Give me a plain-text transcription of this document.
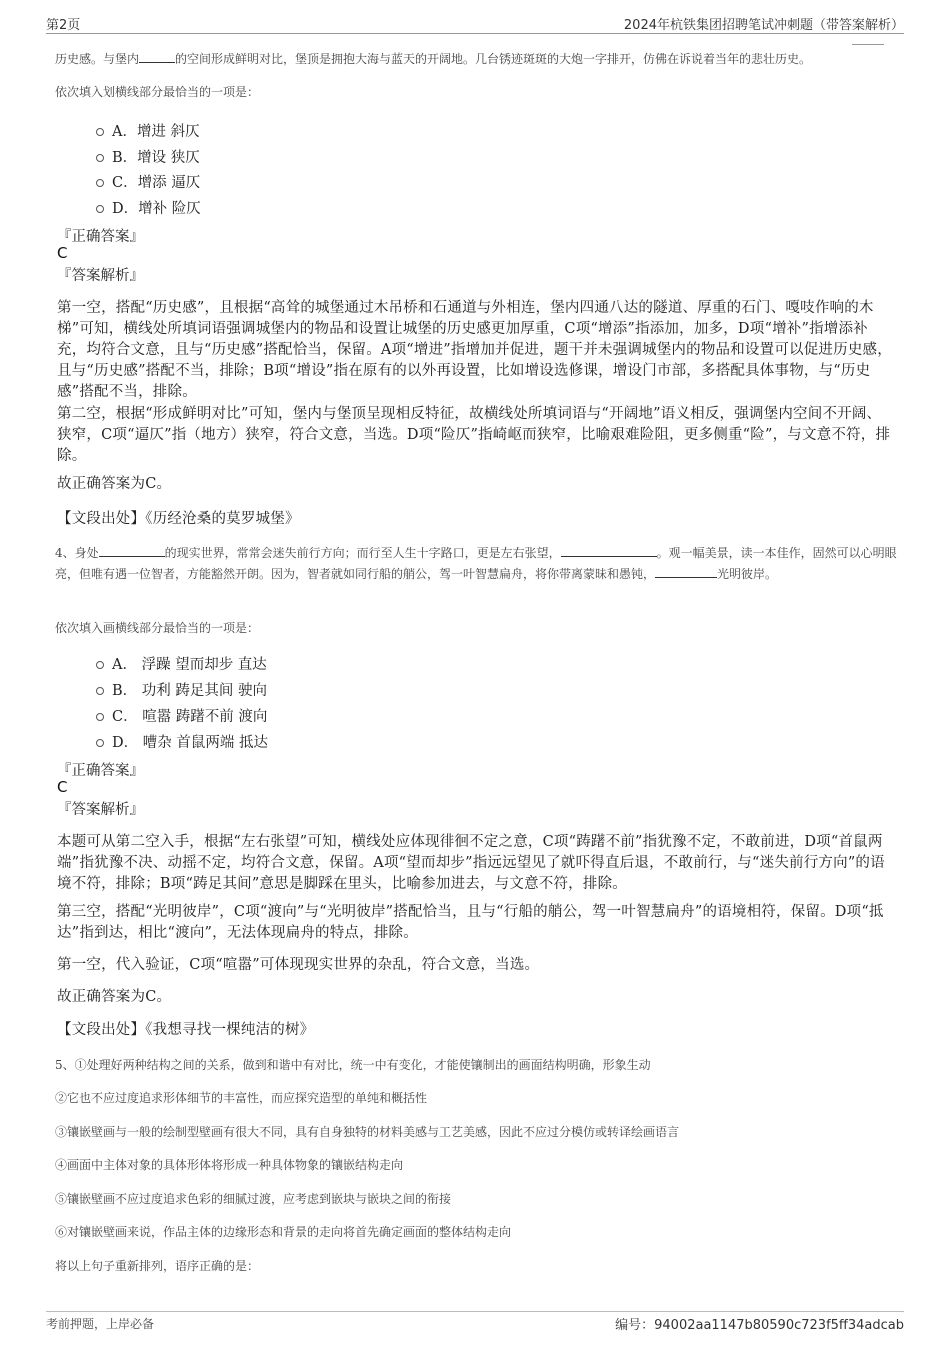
第2页	2024年杭铁集团招聘笔试冲刺题（带答案解析）
历史感。与堡内	的空间形成鲜明对比，堡顶是拥抱大海与蓝天的开阔地。几台锈迹斑斑的大炮一字排开，仿佛在诉说着当年的悲壮历史。
依次填入划横线部分最恰当的一项是：
A．增进 斜仄
B．增设 狭仄
C．增添 逼仄
D．增补 险仄
『正确答案』
C
『答案解析』
第一空，搭配“历史感”，且根据“高耸的城堡通过木吊桥和石通道与外相连，堡内四通八达的隧道、厚重的石门、嘎吱作响的木梯”可知，横线处所填词语强调城堡内的物品和设置让城堡的历史感更加厚重，C项“增添”指添加，加多，D项“增补”指增添补充，均符合文意，且与“历史感”搭配恰当，保留。A项“增进”指增加并促进，题干并未强调城堡内的物品和设置可以促进历史感，且与“历史感”搭配不当，排除；B项“增设”指在原有的以外再设置，比如增设选修课，增设门市部，多搭配具体事物，与“历史感”搭配不当，排除。
第二空，根据“形成鲜明对比”可知，堡内与堡顶呈现相反特征，故横线处所填词语与“开阔地”语义相反，强调堡内空间不开阔、狭窄，C项“逼仄”指（地方）狭窄，符合文意，当选。D项“险仄”指崎岖而狭窄，比喻艰难险阻，更多侧重“险”，与文意不符，排除。
故正确答案为C。
【文段出处】《历经沧桑的莫罗城堡》
4、身处	的现实世界，常常会迷失前行方向；而行至人生十字路口，更是左右张望，	。观一幅美景，读一本佳作，固然可以心明眼亮，但唯有遇一位智者，方能豁然开朗。因为，智者就如同行船的艄公，驾一叶智慧扁舟，将你带离蒙昧和愚钝，	光明彼岸。
依次填入画横线部分最恰当的一项是：
A． 浮躁 望而却步 直达
B． 功利 踌足其间 驶向
C． 喧嚣 踌躇不前 渡向
D． 嘈杂 首鼠两端 抵达
『正确答案』
C
『答案解析』
本题可从第二空入手，根据“左右张望”可知，横线处应体现徘徊不定之意，C项“踌躇不前”指犹豫不定，不敢前进，D项“首鼠两端”指犹豫不决、动摇不定，均符合文意，保留。A项“望而却步”指远远望见了就吓得直后退，不敢前行，与“迷失前行方向”的语境不符，排除；B项“踌足其间”意思是脚踩在里头，比喻参加进去，与文意不符，排除。
第三空，搭配“光明彼岸”，C项“渡向”与“光明彼岸”搭配恰当，且与“行船的艄公，驾一叶智慧扁舟”的语境相符，保留。D项“抵达”指到达，相比“渡向”，无法体现扁舟的特点，排除。
第一空，代入验证，C项“喧嚣”可体现现实世界的杂乱，符合文意，当选。
故正确答案为C。
【文段出处】《我想寻找一棵纯洁的树》
5、①处理好两种结构之间的关系，做到和谐中有对比，统一中有变化，才能使镶制出的画面结构明确，形象生动
②它也不应过度追求形体细节的丰富性，而应探究造型的单纯和概括性
③镶嵌壁画与一般的绘制型壁画有很大不同，具有自身独特的材料美感与工艺美感，因此不应过分模仿或转译绘画语言
④画面中主体对象的具体形体将形成一种具体物象的镶嵌结构走向
⑤镶嵌壁画不应过度追求色彩的细腻过渡，应考虑到嵌块与嵌块之间的衔接
⑥对镶嵌壁画来说，作品主体的边缘形态和背景的走向将首先确定画面的整体结构走向
将以上句子重新排列，语序正确的是：
考前押题，上岸必备	编号：94002aa1147b80590c723f5ff34adcab
